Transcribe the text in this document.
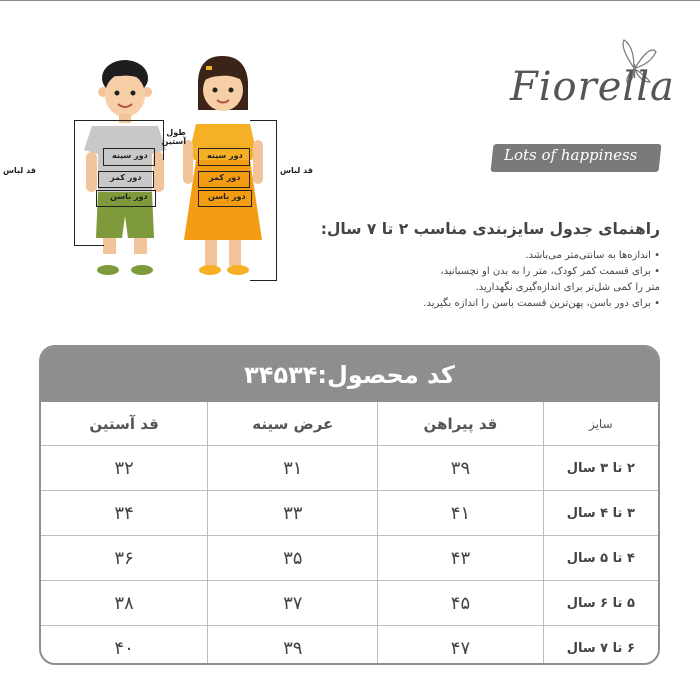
قد لباس
طول آستین
دور سینه
دور کمر
دور باسن
قد لباس
دور سینه
دور کمر
دور باسن
Fiorella
Lots of happiness
راهنمای جدول سایزبندی مناسب ۲ تا ۷ سال:
• اندازه‌ها به سانتی‌متر می‌باشد.
• برای قسمت کمر کودک، متر را به بدن او نچسبانید،
متر را کمی شل‌تر برای اندازه‌گیری نگهدارید.
• برای دور باسن، پهن‌ترین قسمت باسن را اندازه بگیرید.
کد محصول:۳۴۵۳۴
سایز
قد پیراهن
عرض سینه
قد آستین
۲ تا ۳ سال
۳۹
۳۱
۳۲
۳ تا ۴ سال
۴۱
۳۳
۳۴
۴ تا ۵ سال
۴۳
۳۵
۳۶
۵ تا ۶ سال
۴۵
۳۷
۳۸
۶ تا ۷ سال
۴۷
۳۹
۴۰
